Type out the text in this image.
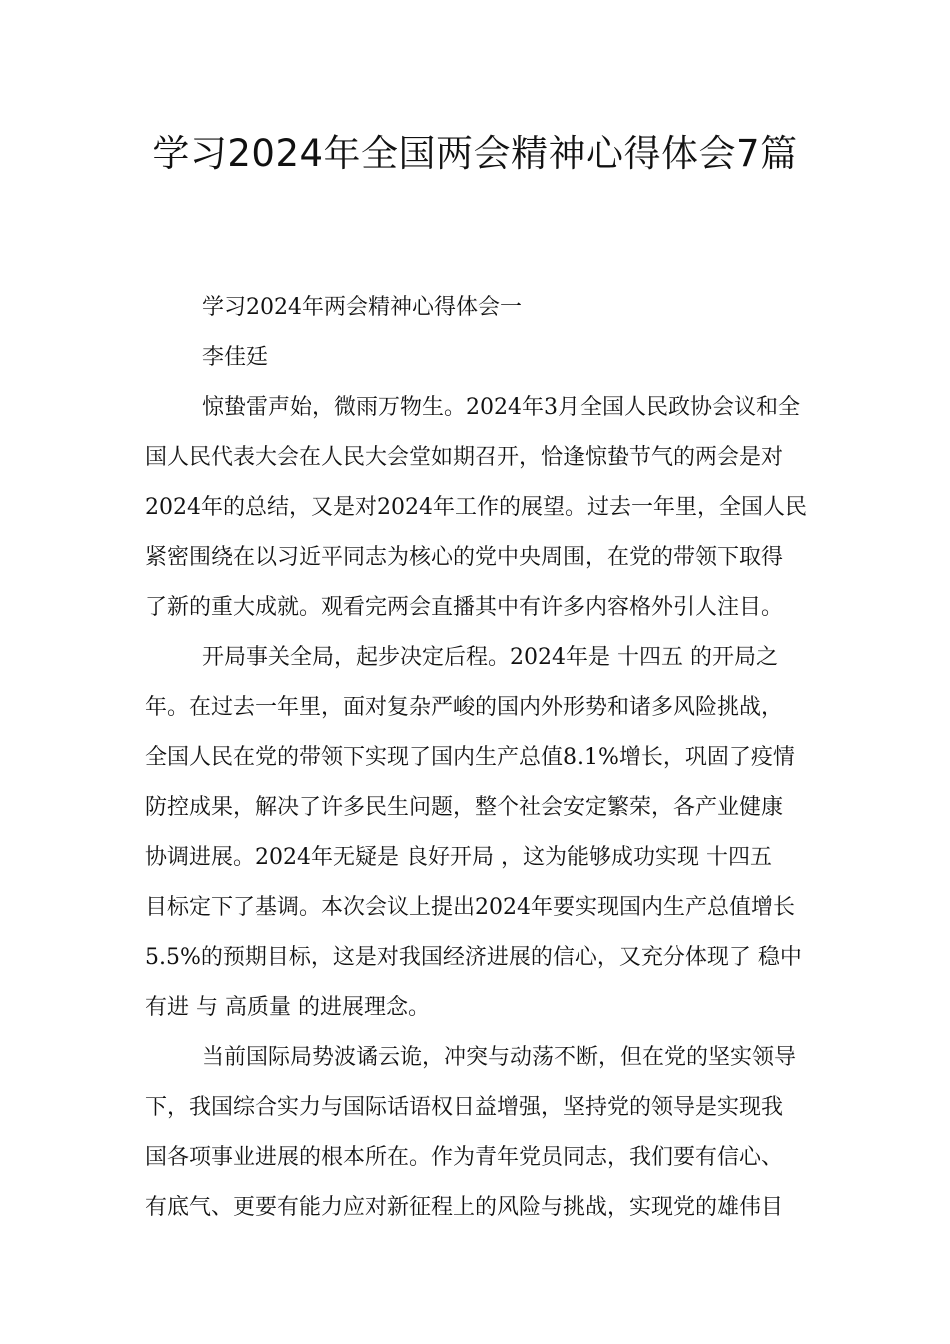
学习2024年全国两会精神心得体会7篇
学习2024年两会精神心得体会一
李佳廷
惊蛰雷声始，微雨万物生。2024年3月全国人民政协会议和全
国人民代表大会在人民大会堂如期召开，恰逢惊蛰节气的两会是对
2024年的总结，又是对2024年工作的展望。过去一年里，全国人民
紧密围绕在以习近平同志为核心的党中央周围，在党的带领下取得
了新的重大成就。观看完两会直播其中有许多内容格外引人注目。
开局事关全局，起步决定后程。2024年是 十四五 的开局之
年。在过去一年里，面对复杂严峻的国内外形势和诸多风险挑战，
全国人民在党的带领下实现了国内生产总值8.1%增长，巩固了疫情
防控成果，解决了许多民生问题，整个社会安定繁荣，各产业健康
协调进展。2024年无疑是 良好开局 ，这为能够成功实现 十四五
目标定下了基调。本次会议上提出2024年要实现国内生产总值增长
5.5%的预期目标，这是对我国经济进展的信心，又充分体现了 稳中
有进 与 高质量 的进展理念。
当前国际局势波谲云诡，冲突与动荡不断，但在党的坚实领导
下，我国综合实力与国际话语权日益增强，坚持党的领导是实现我
国各项事业进展的根本所在。作为青年党员同志，我们要有信心、
有底气、更要有能力应对新征程上的风险与挑战，实现党的雄伟目
